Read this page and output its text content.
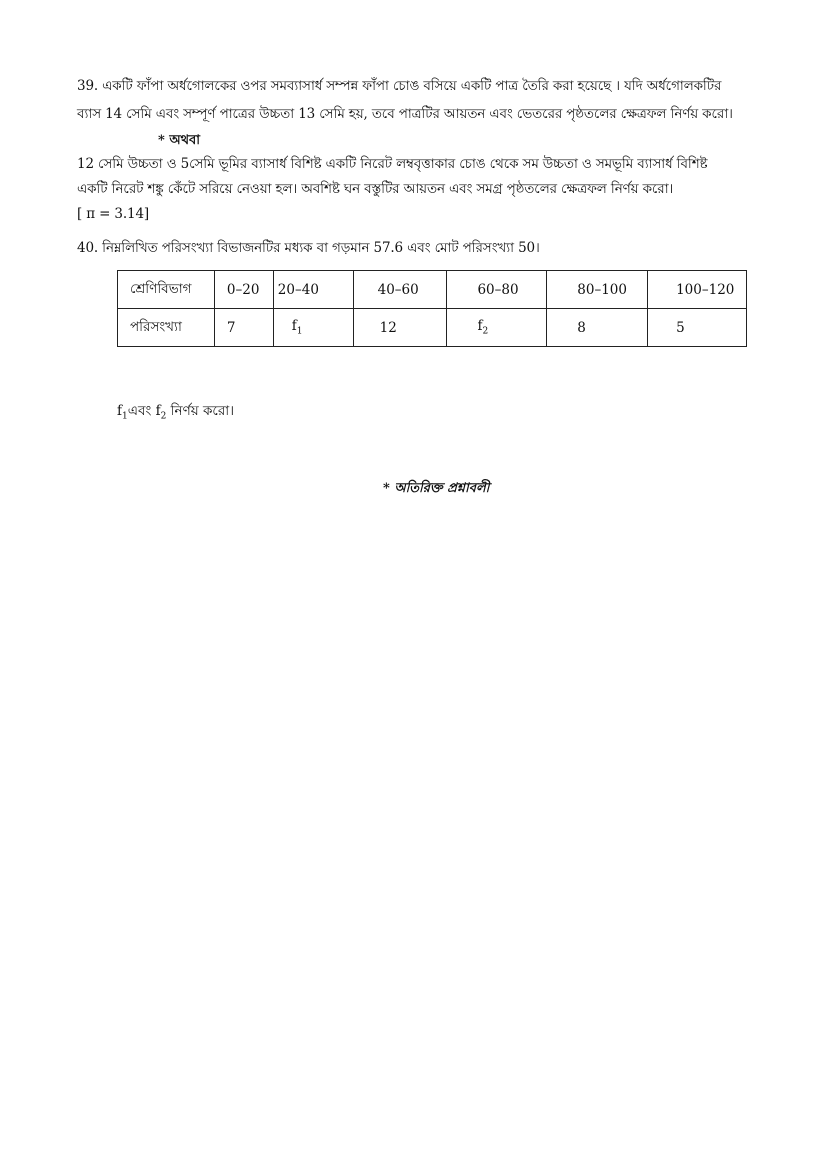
39. একটি ফাঁপা অর্ধগোলকের ওপর সমব্যাসার্ধ সম্পন্ন ফাঁপা চোঙ বসিয়ে একটি পাত্র তৈরি করা হয়েছে । যদি অর্ধগোলকটির
ব্যাস 14 সেমি এবং সম্পূর্ণ পাত্রের উচ্চতা 13 সেমি হয়, তবে পাত্রটির আয়তন এবং ভেতরের পৃষ্ঠতলের ক্ষেত্রফল নির্ণয় করো।
* অথবা
12 সেমি উচ্চতা ও 5সেমি ভূমির ব্যাসার্ধ বিশিষ্ট একটি নিরেট লম্ববৃত্তাকার চোঙ থেকে সম উচ্চতা ও সমভূমি ব্যাসার্ধ বিশিষ্ট
একটি নিরেট শঙ্কু কেঁটে সরিয়ে নেওয়া হল। অবশিষ্ট ঘন বস্তুটির আয়তন এবং সমগ্র পৃষ্ঠতলের ক্ষেত্রফল নির্ণয় করো।
[ π = 3.14]
40. নিম্নলিখিত পরিসংখ্যা বিভাজনটির মধ্যক বা গড়মান 57.6 এবং মোট পরিসংখ্যা 50।
শ্রেণিবিভাগ	0–20	20–40	40–60	60–80	80–100	100–120
পরিসংখ্যা	7	$f_1$	12	$f_2$	8	5
$f_1এবং$ $f_2$ নির্ণয় করো।
* অতিরিক্ত প্রশ্নাবলী
